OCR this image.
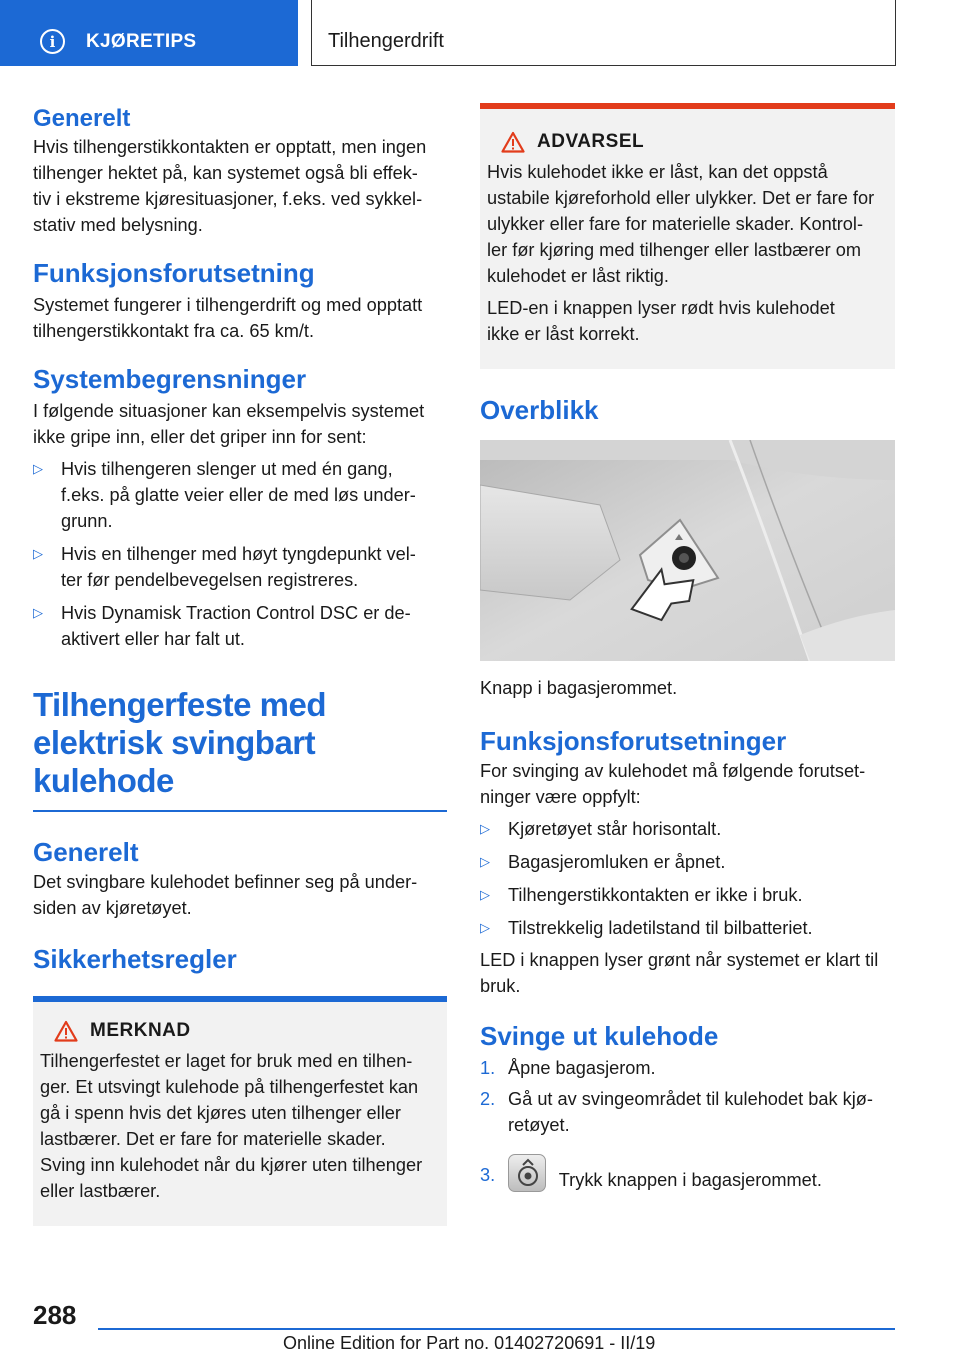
i	KJØRETIPS	Tilhengerdrift
Generelt

Hvis tilhengerstikkontakten er opptatt, men ingen
tilhenger hektet på, kan systemet også bli effek-
tiv i ekstreme kjøresituasjoner, f.eks. ved sykkel-
stativ med belysning.

Funksjonsforutsetning

Systemet fungerer i tilhengerdrift og med opptatt
tilhengerstikkontakt fra ca. 65 km/t.

Systembegrensninger

I følgende situasjoner kan eksempelvis systemet
ikke gripe inn, eller det griper inn for sent:

▷ Hvis tilhengeren slenger ut med én gang,
f.eks. på glatte veier eller de med løs under-
grunn.
▷ Hvis en tilhenger med høyt tyngdepunkt vel-
ter før pendelbevegelsen registreres.
▷ Hvis Dynamisk Traction Control DSC er de-
aktivert eller har falt ut.
Tilhengerfeste med
elektrisk svingbart
kulehode
Generelt

Det svingbare kulehodet befinner seg på under-
siden av kjøretøyet.

Sikkerhetsregler
MERKNAD

Tilhengerfestet er laget for bruk med en tilhen-
ger. Et utsvingt kulehode på tilhengerfestet kan
gå i spenn hvis det kjøres uten tilhenger eller
lastbærer. Det er fare for materielle skader.
Sving inn kulehodet når du kjører uten tilhenger
eller lastbærer.

ADVARSEL

Hvis kulehodet ikke er låst, kan det oppstå
ustabile kjøreforhold eller ulykker. Det er fare for
ulykker eller fare for materielle skader. Kontrol-
ler før kjøring med tilhenger eller lastbærer om
kulehodet er låst riktig.

LED-en i knappen lyser rødt hvis kulehodet
ikke er låst korrekt.

Overblikk

Knapp i bagasjerommet.

Funksjonsforutsetninger

For svinging av kulehodet må følgende forutset-
ninger være oppfylt:

▷ Kjøretøyet står horisontalt.
▷ Bagasjeromluken er åpnet.
▷ Tilhengerstikkontakten er ikke i bruk.
▷ Tilstrekkelig ladetilstand til bilbatteriet.

LED i knappen lyser grønt når systemet er klart til
bruk.

Svinge ut kulehode
1. Åpne bagasjerom.
2. Gå ut av svingeområdet til kulehodet bak kjø-
retøyet.
3.	Trykk knappen i bagasjerommet.
288
Online Edition for Part no. 01402720691 - II/19
